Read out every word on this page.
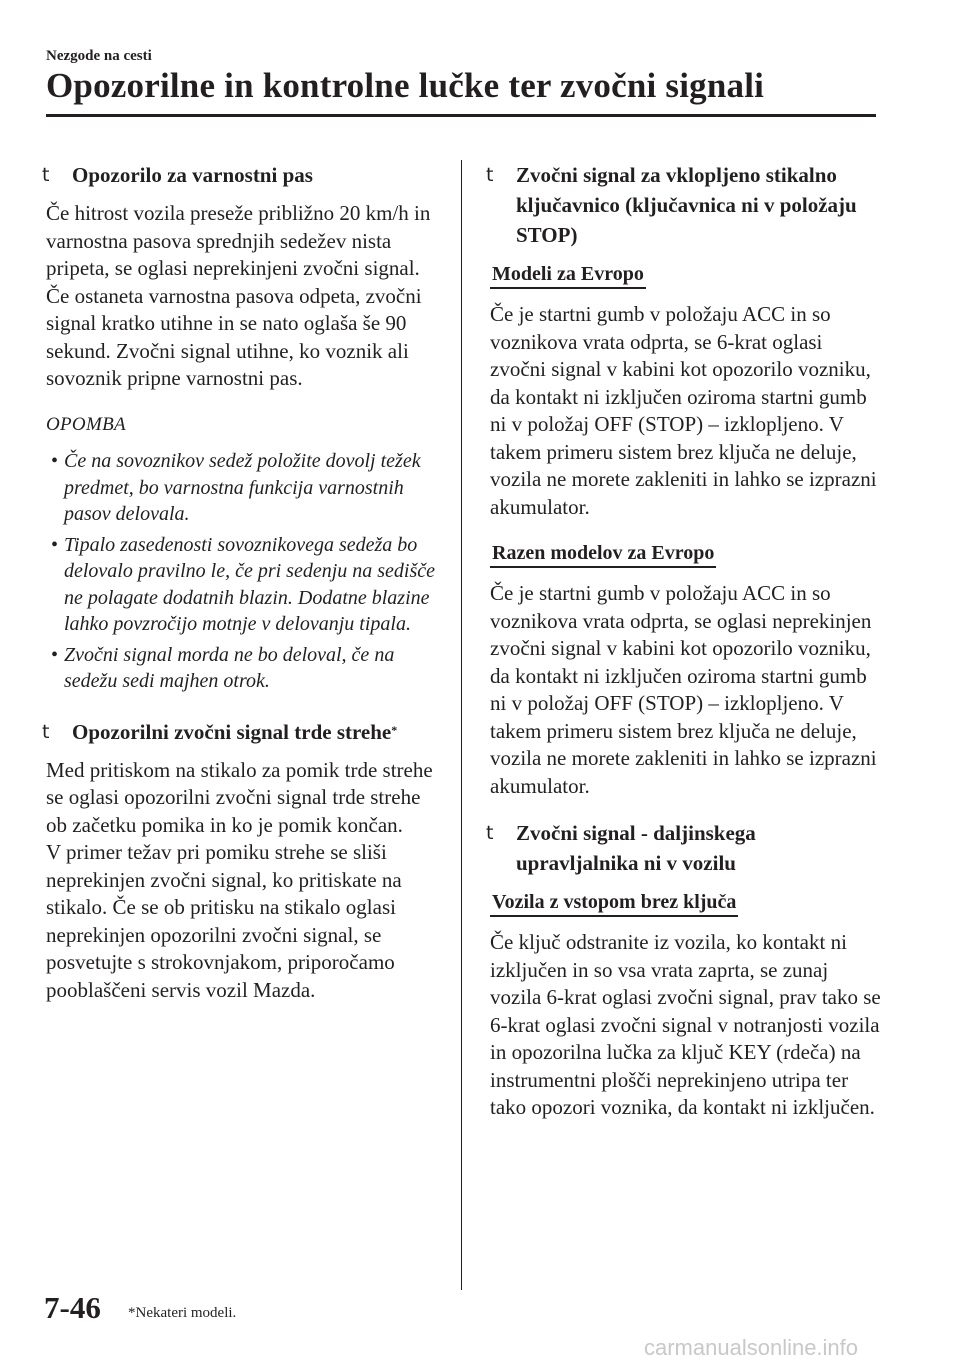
Nezgode na cesti
Opozorilne in kontrolne lučke ter zvočni signali
t Opozorilo za varnostni pas

Če hitrost vozila preseže približno 20 km/h in varnostna pasova sprednjih sedežev nista pripeta, se oglasi neprekinjeni zvočni signal. Če ostaneta varnostna pasova odpeta, zvočni signal kratko utihne in se nato oglaša še 90 sekund. Zvočni signal utihne, ko voznik ali sovoznik pripne varnostni pas.

OPOMBA
• Če na sovoznikov sedež položite dovolj težek predmet, bo varnostna funkcija varnostnih pasov delovala.
• Tipalo zasedenosti sovoznikovega sedeža bo delovalo pravilno le, če pri sedenju na sedišče ne polagate dodatnih blazin. Dodatne blazine lahko povzročijo motnje v delovanju tipala.
• Zvočni signal morda ne bo deloval, če na sedežu sedi majhen otrok.
t Opozorilni zvočni signal trde strehe*

Med pritiskom na stikalo za pomik trde strehe se oglasi opozorilni zvočni signal trde strehe ob začetku pomika in ko je pomik končan.

V primer težav pri pomiku strehe se sliši neprekinjen zvočni signal, ko pritiskate na stikalo. Če se ob pritisku na stikalo oglasi neprekinjen opozorilni zvočni signal, se posvetujte s strokovnjakom, priporočamo pooblaščeni servis vozil Mazda.

t Zvočni signal za vklopljeno stikalno ključavnico (ključavnica ni v položaju STOP)
Modeli za Evropo

Če je startni gumb v položaju ACC in so voznikova vrata odprta, se 6-krat oglasi zvočni signal v kabini kot opozorilo vozniku, da kontakt ni izključen oziroma startni gumb ni v položaj OFF (STOP) – izklopljeno. V takem primeru sistem brez ključa ne deluje, vozila ne morete zakleniti in lahko se izprazni akumulator.

Razen modelov za Evropo

Če je startni gumb v položaju ACC in so voznikova vrata odprta, se oglasi neprekinjen zvočni signal v kabini kot opozorilo vozniku, da kontakt ni izključen oziroma startni gumb ni v položaj OFF (STOP) – izklopljeno. V takem primeru sistem brez ključa ne deluje, vozila ne morete zakleniti in lahko se izprazni akumulator.

t Zvočni signal - daljinskega upravljalnika ni v vozilu
Vozila z vstopom brez ključa

Če ključ odstranite iz vozila, ko kontakt ni izključen in so vsa vrata zaprta, se zunaj vozila 6-krat oglasi zvočni signal, prav tako se 6-krat oglasi zvočni signal v notranjosti vozila in opozorilna lučka za ključ KEY (rdeča) na instrumentni plošči neprekinjeno utripa ter tako opozori voznika, da kontakt ni izključen.

7-46 *Nekateri modeli.
carmanualsonline.info
